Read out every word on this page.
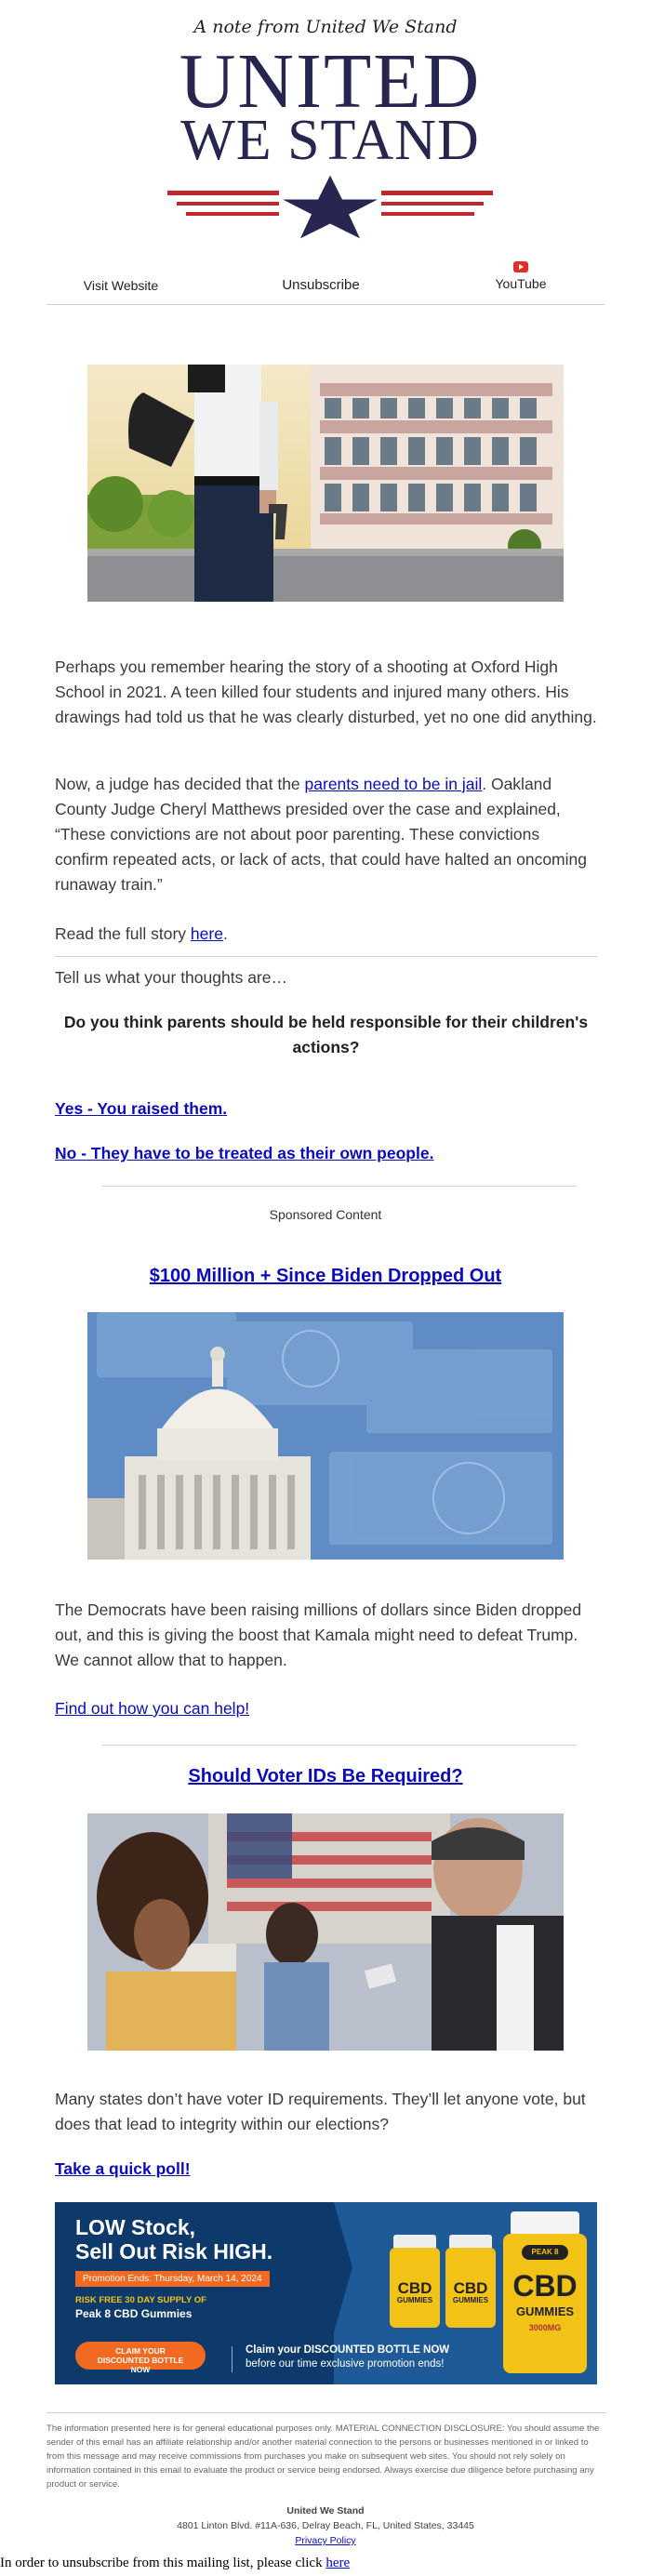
A note from United We Stand
UNITED
WE STAND
Visit Website	Unsubscribe	YouTube
Perhaps you remember hearing the story of a shooting at Oxford High School in 2021. A teen killed four students and injured many others. His drawings had told us that he was clearly disturbed, yet no one did anything.
Now, a judge has decided that the parents need to be in jail. Oakland County Judge Cheryl Matthews presided over the case and explained, “These convictions are not about poor parenting. These convictions confirm repeated acts, or lack of acts, that could have halted an oncoming runaway train.”
Read the full story here.
Tell us what your thoughts are…
Do you think parents should be held responsible for their children's actions?
Yes - You raised them.
No - They have to be treated as their own people.
Sponsored Content
$100 Million + Since Biden Dropped Out
The Democrats have been raising millions of dollars since Biden dropped out, and this is giving the boost that Kamala might need to defeat Trump. We cannot allow that to happen.
Find out how you can help!
Should Voter IDs Be Required?
Many states don’t have voter ID requirements. They’ll let anyone vote, but does that lead to integrity within our elections?
Take a quick poll!
LOW Stock,
Sell Out Risk HIGH.
Promotion Ends: Thursday, March 14, 2024
RISK FREE 30 DAY SUPPLY OF
Peak 8 CBD Gummies
CLAIM YOUR DISCOUNTED BOTTLE NOW
Claim your DISCOUNTED BOTTLE NOW
before our time exclusive promotion ends!
CBD
GUMMIES
CBD
GUMMIES
PEAK 8
CBD
GUMMIES
3000MG
The information presented here is for general educational purposes only. MATERIAL CONNECTION DISCLOSURE: You should assume the sender of this email has an affiliate relationship and/or another material connection to the persons or businesses mentioned in or linked to from this message and may receive commissions from purchases you make on subsequent web sites. You should not rely solely on information contained in this email to evaluate the product or service being endorsed. Always exercise due diligence before purchasing any product or service.
United We Stand
4801 Linton Blvd. #11A-636, Delray Beach, FL, United States, 33445
Privacy Policy
In order to unsubscribe from this mailing list, please click here
